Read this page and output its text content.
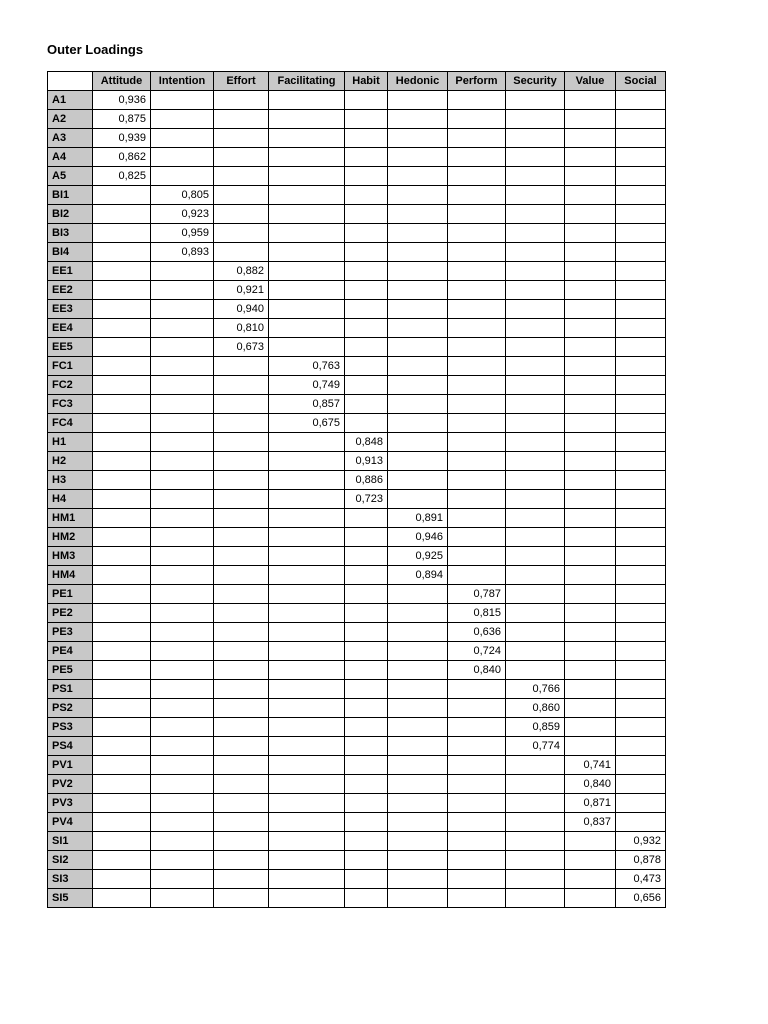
Outer Loadings
	Attitude	Intention	Effort	Facilitating	Habit	Hedonic	Perform	Security	Value	Social
A1	0,936									
A2	0,875									
A3	0,939									
A4	0,862									
A5	0,825									
BI1		0,805								
BI2		0,923								
BI3		0,959								
BI4		0,893								
EE1			0,882							
EE2			0,921							
EE3			0,940							
EE4			0,810							
EE5			0,673							
FC1				0,763						
FC2				0,749						
FC3				0,857						
FC4				0,675						
H1					0,848					
H2					0,913					
H3					0,886					
H4					0,723					
HM1						0,891				
HM2						0,946				
HM3						0,925				
HM4						0,894				
PE1							0,787			
PE2							0,815			
PE3							0,636			
PE4							0,724			
PE5							0,840			
PS1								0,766		
PS2								0,860		
PS3								0,859		
PS4								0,774		
PV1									0,741	
PV2									0,840	
PV3									0,871	
PV4									0,837	
SI1										0,932
SI2										0,878
SI3										0,473
SI5										0,656
